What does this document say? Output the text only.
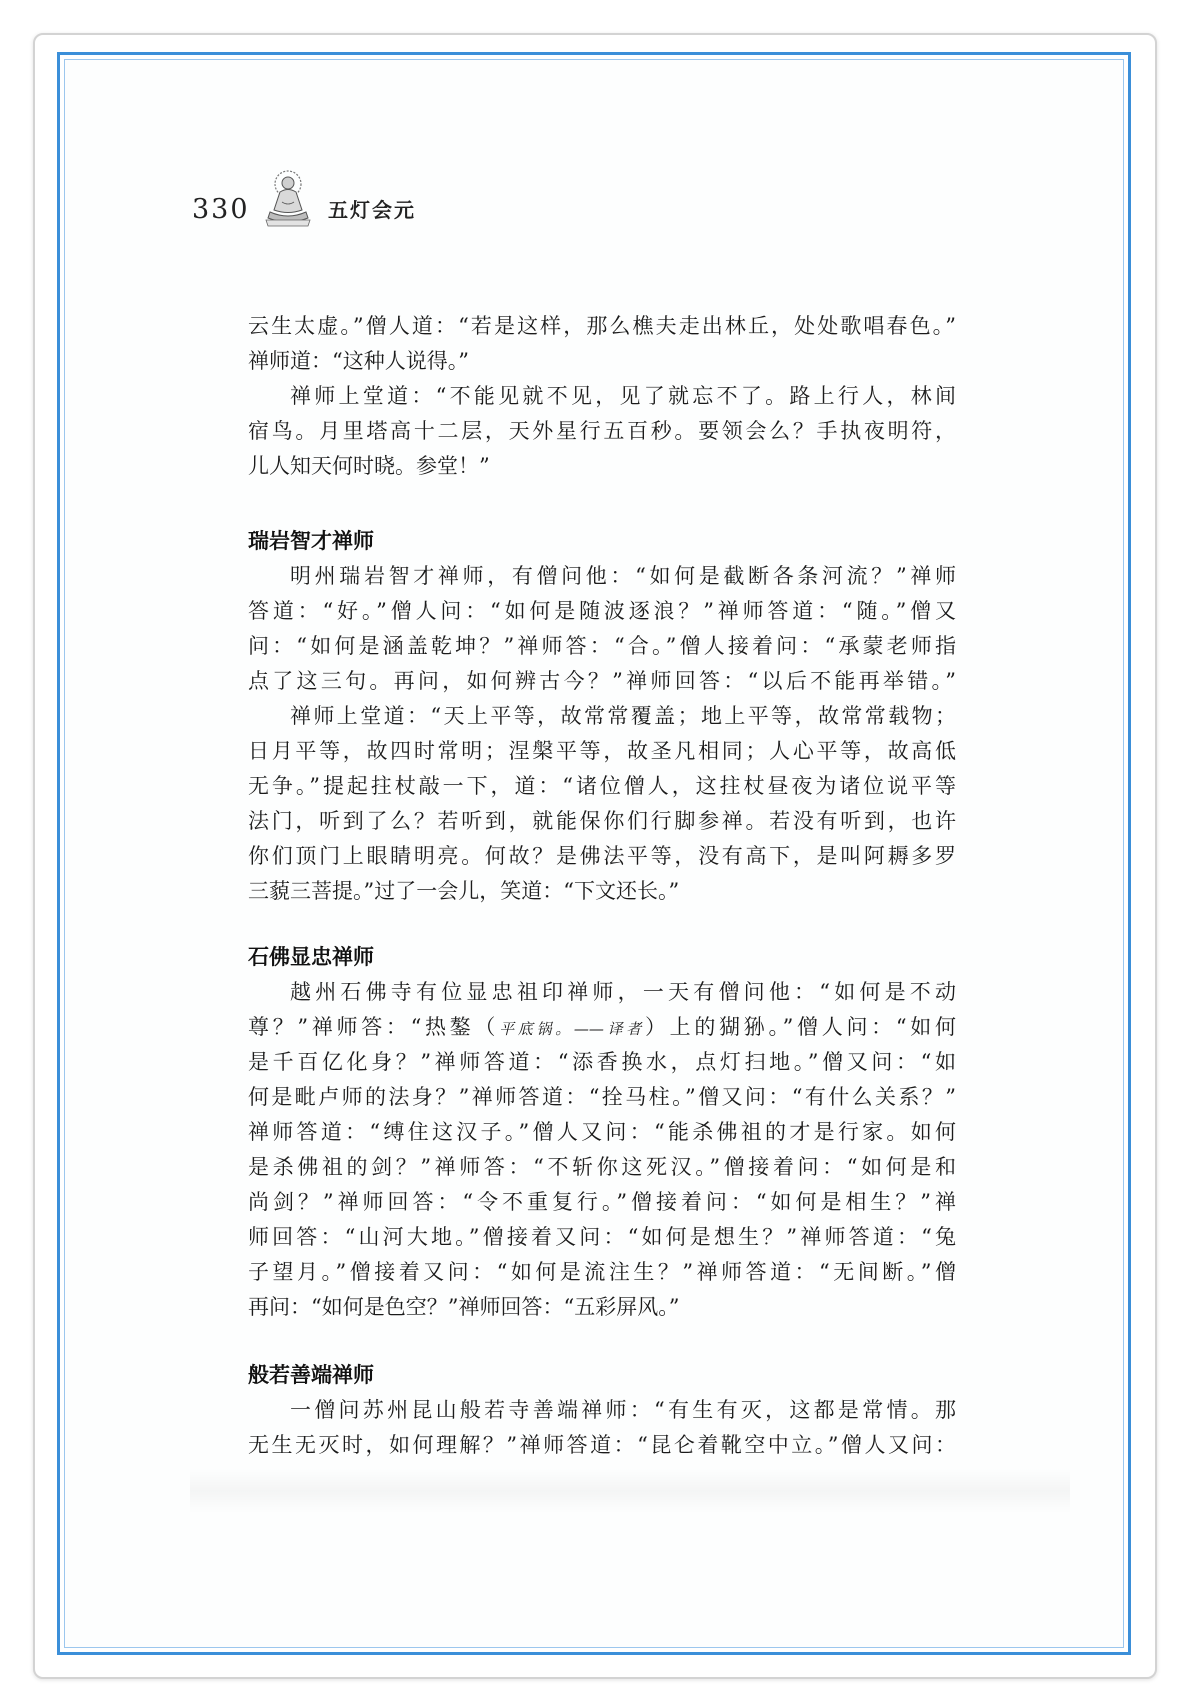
330	五灯会元
云生太虚。”僧人道：“若是这样，那么樵夫走出林丘，处处歌唱春色。”
禅师道：“这种人说得。”
禅师上堂道：“不能见就不见，见了就忘不了。路上行人，林间
宿鸟。月里塔高十二层，天外星行五百秒。要领会么？手执夜明符，
儿人知天何时晓。参堂！”
瑞岩智才禅师
明州瑞岩智才禅师，有僧问他：“如何是截断各条河流？”禅师
答道：“好。”僧人问：“如何是随波逐浪？”禅师答道：“随。”僧又
问：“如何是涵盖乾坤？”禅师答：“合。”僧人接着问：“承蒙老师指
点了这三句。再问，如何辨古今？”禅师回答：“以后不能再举错。”
禅师上堂道：“天上平等，故常常覆盖；地上平等，故常常载物；
日月平等，故四时常明；涅槃平等，故圣凡相同；人心平等，故高低
无争。”提起拄杖敲一下，道：“诸位僧人，这拄杖昼夜为诸位说平等
法门，听到了么？若听到，就能保你们行脚参禅。若没有听到，也许
你们顶门上眼睛明亮。何故？是佛法平等，没有高下，是叫阿耨多罗
三藐三菩提。”过了一会儿，笑道：“下文还长。”
石佛显忠禅师
越州石佛寺有位显忠祖印禅师，一天有僧问他：“如何是不动
尊？”禅师答：“热鏊（平底锅。——译者）上的猢狲。”僧人问：“如何
是千百亿化身？”禅师答道：“添香换水，点灯扫地。”僧又问：“如
何是毗卢师的法身？”禅师答道：“拴马柱。”僧又问：“有什么关系？”
禅师答道：“缚住这汉子。”僧人又问：“能杀佛祖的才是行家。如何
是杀佛祖的剑？”禅师答：“不斩你这死汉。”僧接着问：“如何是和
尚剑？”禅师回答：“令不重复行。”僧接着问：“如何是相生？”禅
师回答：“山河大地。”僧接着又问：“如何是想生？”禅师答道：“兔
子望月。”僧接着又问：“如何是流注生？”禅师答道：“无间断。”僧
再问：“如何是色空？”禅师回答：“五彩屏风。”
般若善端禅师
一僧问苏州昆山般若寺善端禅师：“有生有灭，这都是常情。那
无生无灭时，如何理解？”禅师答道：“昆仑着靴空中立。”僧人又问：
